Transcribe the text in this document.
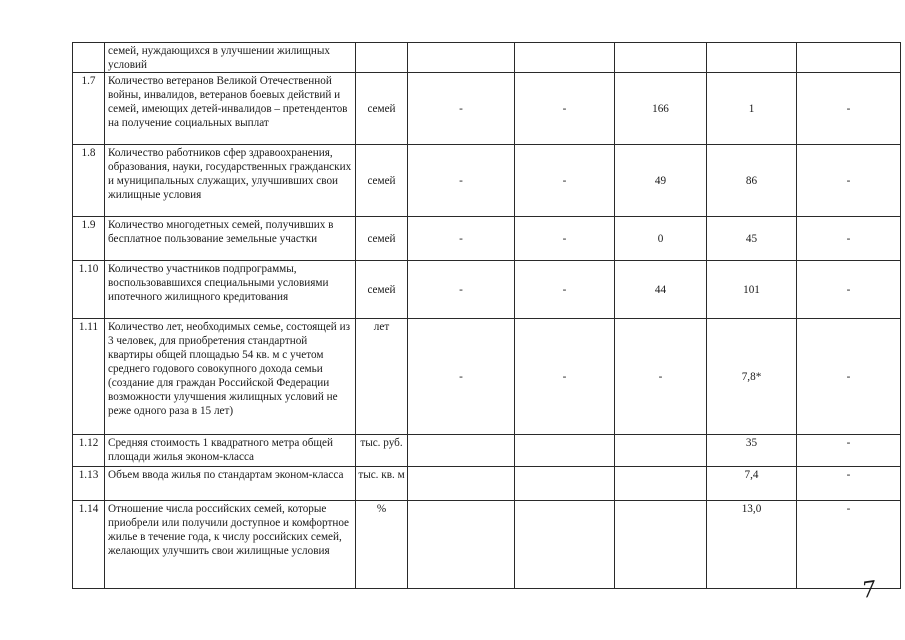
	семей, нуждающихся в улучшении жилищных условий						
1.7	Количество ветеранов Великой Отечественной войны, инвалидов, ветеранов боевых действий и семей, имеющих детей-инвалидов – претендентов на получение социальных выплат	семей	-	-	166	1	-
1.8	Количество работников сфер здравоохранения, образования, науки, государственных гражданских и муниципальных служащих, улучшивших свои жилищные условия	семей	-	-	49	86	-
1.9	Количество многодетных семей, получивших в бесплатное пользование земельные участки	семей	-	-	0	45	-
1.10	Количество участников подпрограммы, воспользовавшихся специальными условиями ипотечного жилищного кредитования	семей	-	-	44	101	-
1.11	Количество лет, необходимых семье, состоящей из 3 человек, для приобретения стандартной квартиры общей площадью 54 кв. м с учетом среднего годового совокупного дохода семьи (создание для граждан Российской Федерации возможности улучшения жилищных условий не реже одного раза в 15 лет)	лет	-	-	-	7,8*	-
1.12	Средняя стоимость 1 квадратного метра общей площади жилья эконом-класса	тыс. руб.				35	-
1.13	Объем ввода жилья по стандартам эконом-класса	тыс. кв. м				7,4	-
1.14	Отношение числа российских семей, которые приобрели или получили доступное и комфортное жилье в течение года, к числу российских семей, желающих улучшить свои жилищные условия	%				13,0	-
7
